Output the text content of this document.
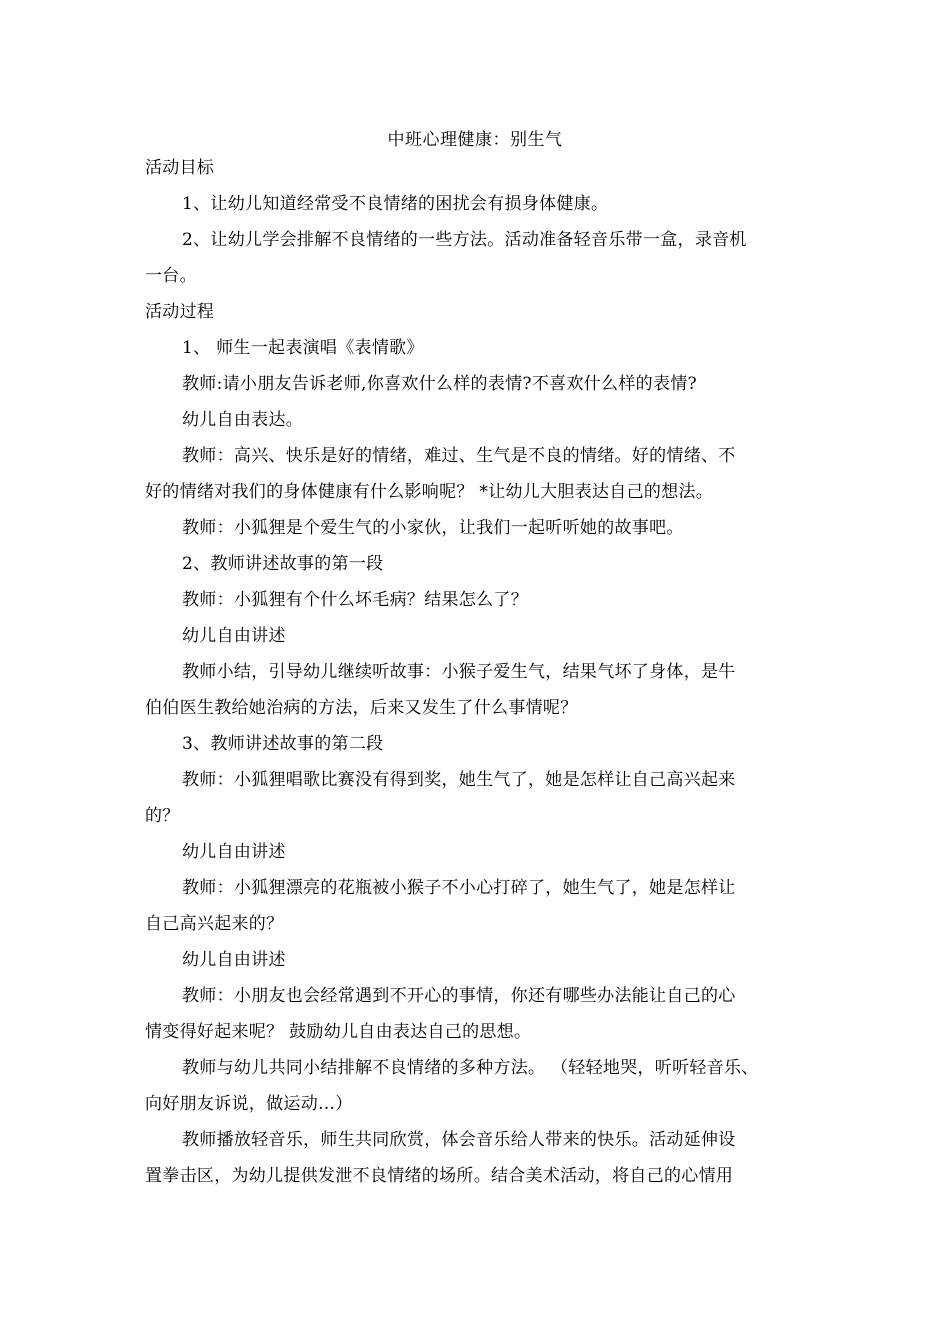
中班心理健康：别生气
活动目标
1、让幼儿知道经常受不良情绪的困扰会有损身体健康。
2、让幼儿学会排解不良情绪的一些方法。活动准备轻音乐带一盒，录音机
一台。
活动过程
1、 师生一起表演唱《表情歌》
教师:请小朋友告诉老师,你喜欢什么样的表情?不喜欢什么样的表情?
幼儿自由表达。
教师：高兴、快乐是好的情绪，难过、生气是不良的情绪。好的情绪、不
好的情绪对我们的身体健康有什么影响呢？ *让幼儿大胆表达自己的想法。
教师：小狐狸是个爱生气的小家伙，让我们一起听听她的故事吧。
2、教师讲述故事的第一段
教师：小狐狸有个什么坏毛病？结果怎么了？
幼儿自由讲述
教师小结，引导幼儿继续听故事：小猴子爱生气，结果气坏了身体，是牛
伯伯医生教给她治病的方法，后来又发生了什么事情呢？
3、教师讲述故事的第二段
教师：小狐狸唱歌比赛没有得到奖，她生气了，她是怎样让自己高兴起来
的？
幼儿自由讲述
教师：小狐狸漂亮的花瓶被小猴子不小心打碎了，她生气了，她是怎样让
自己高兴起来的？
幼儿自由讲述
教师：小朋友也会经常遇到不开心的事情，你还有哪些办法能让自己的心
情变得好起来呢？ 鼓励幼儿自由表达自己的思想。
教师与幼儿共同小结排解不良情绪的多种方法。 （轻轻地哭，听听轻音乐、
向好朋友诉说，做运动…）
教师播放轻音乐，师生共同欣赏，体会音乐给人带来的快乐。活动延伸设
置拳击区，为幼儿提供发泄不良情绪的场所。结合美术活动，将自己的心情用
